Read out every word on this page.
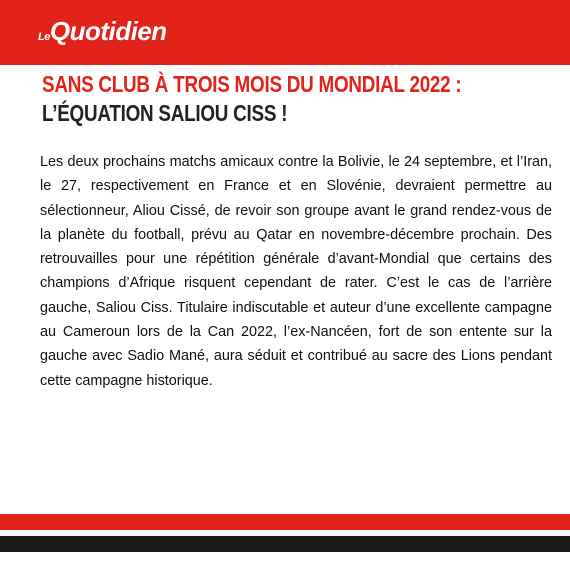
LeQuotidien
SANS CLUB À TROIS MOIS DU MONDIAL 2022 :
L’ÉQUATION SALIOU CISS !

Les deux prochains matchs amicaux contre la Bolivie, le 24 septembre, et l’Iran, le 27, respectivement en France et en Slovénie, devraient permettre au sélectionneur, Aliou Cissé, de revoir son groupe avant le grand rendez-vous de la planète du football, prévu au Qatar en novembre-décembre prochain. Des retrouvailles pour une répétition générale d’avant-Mondial que certains des champions d’Afrique risquent cependant de rater. C’est le cas de l’arrière gauche, Saliou Ciss. Titulaire indiscutable et auteur d’une excellente campagne au Cameroun lors de la Can 2022, l’ex-Nancéen, fort de son entente sur la gauche avec Sadio Mané, aura séduit et contribué au sacre des Lions pendant cette campagne historique.
